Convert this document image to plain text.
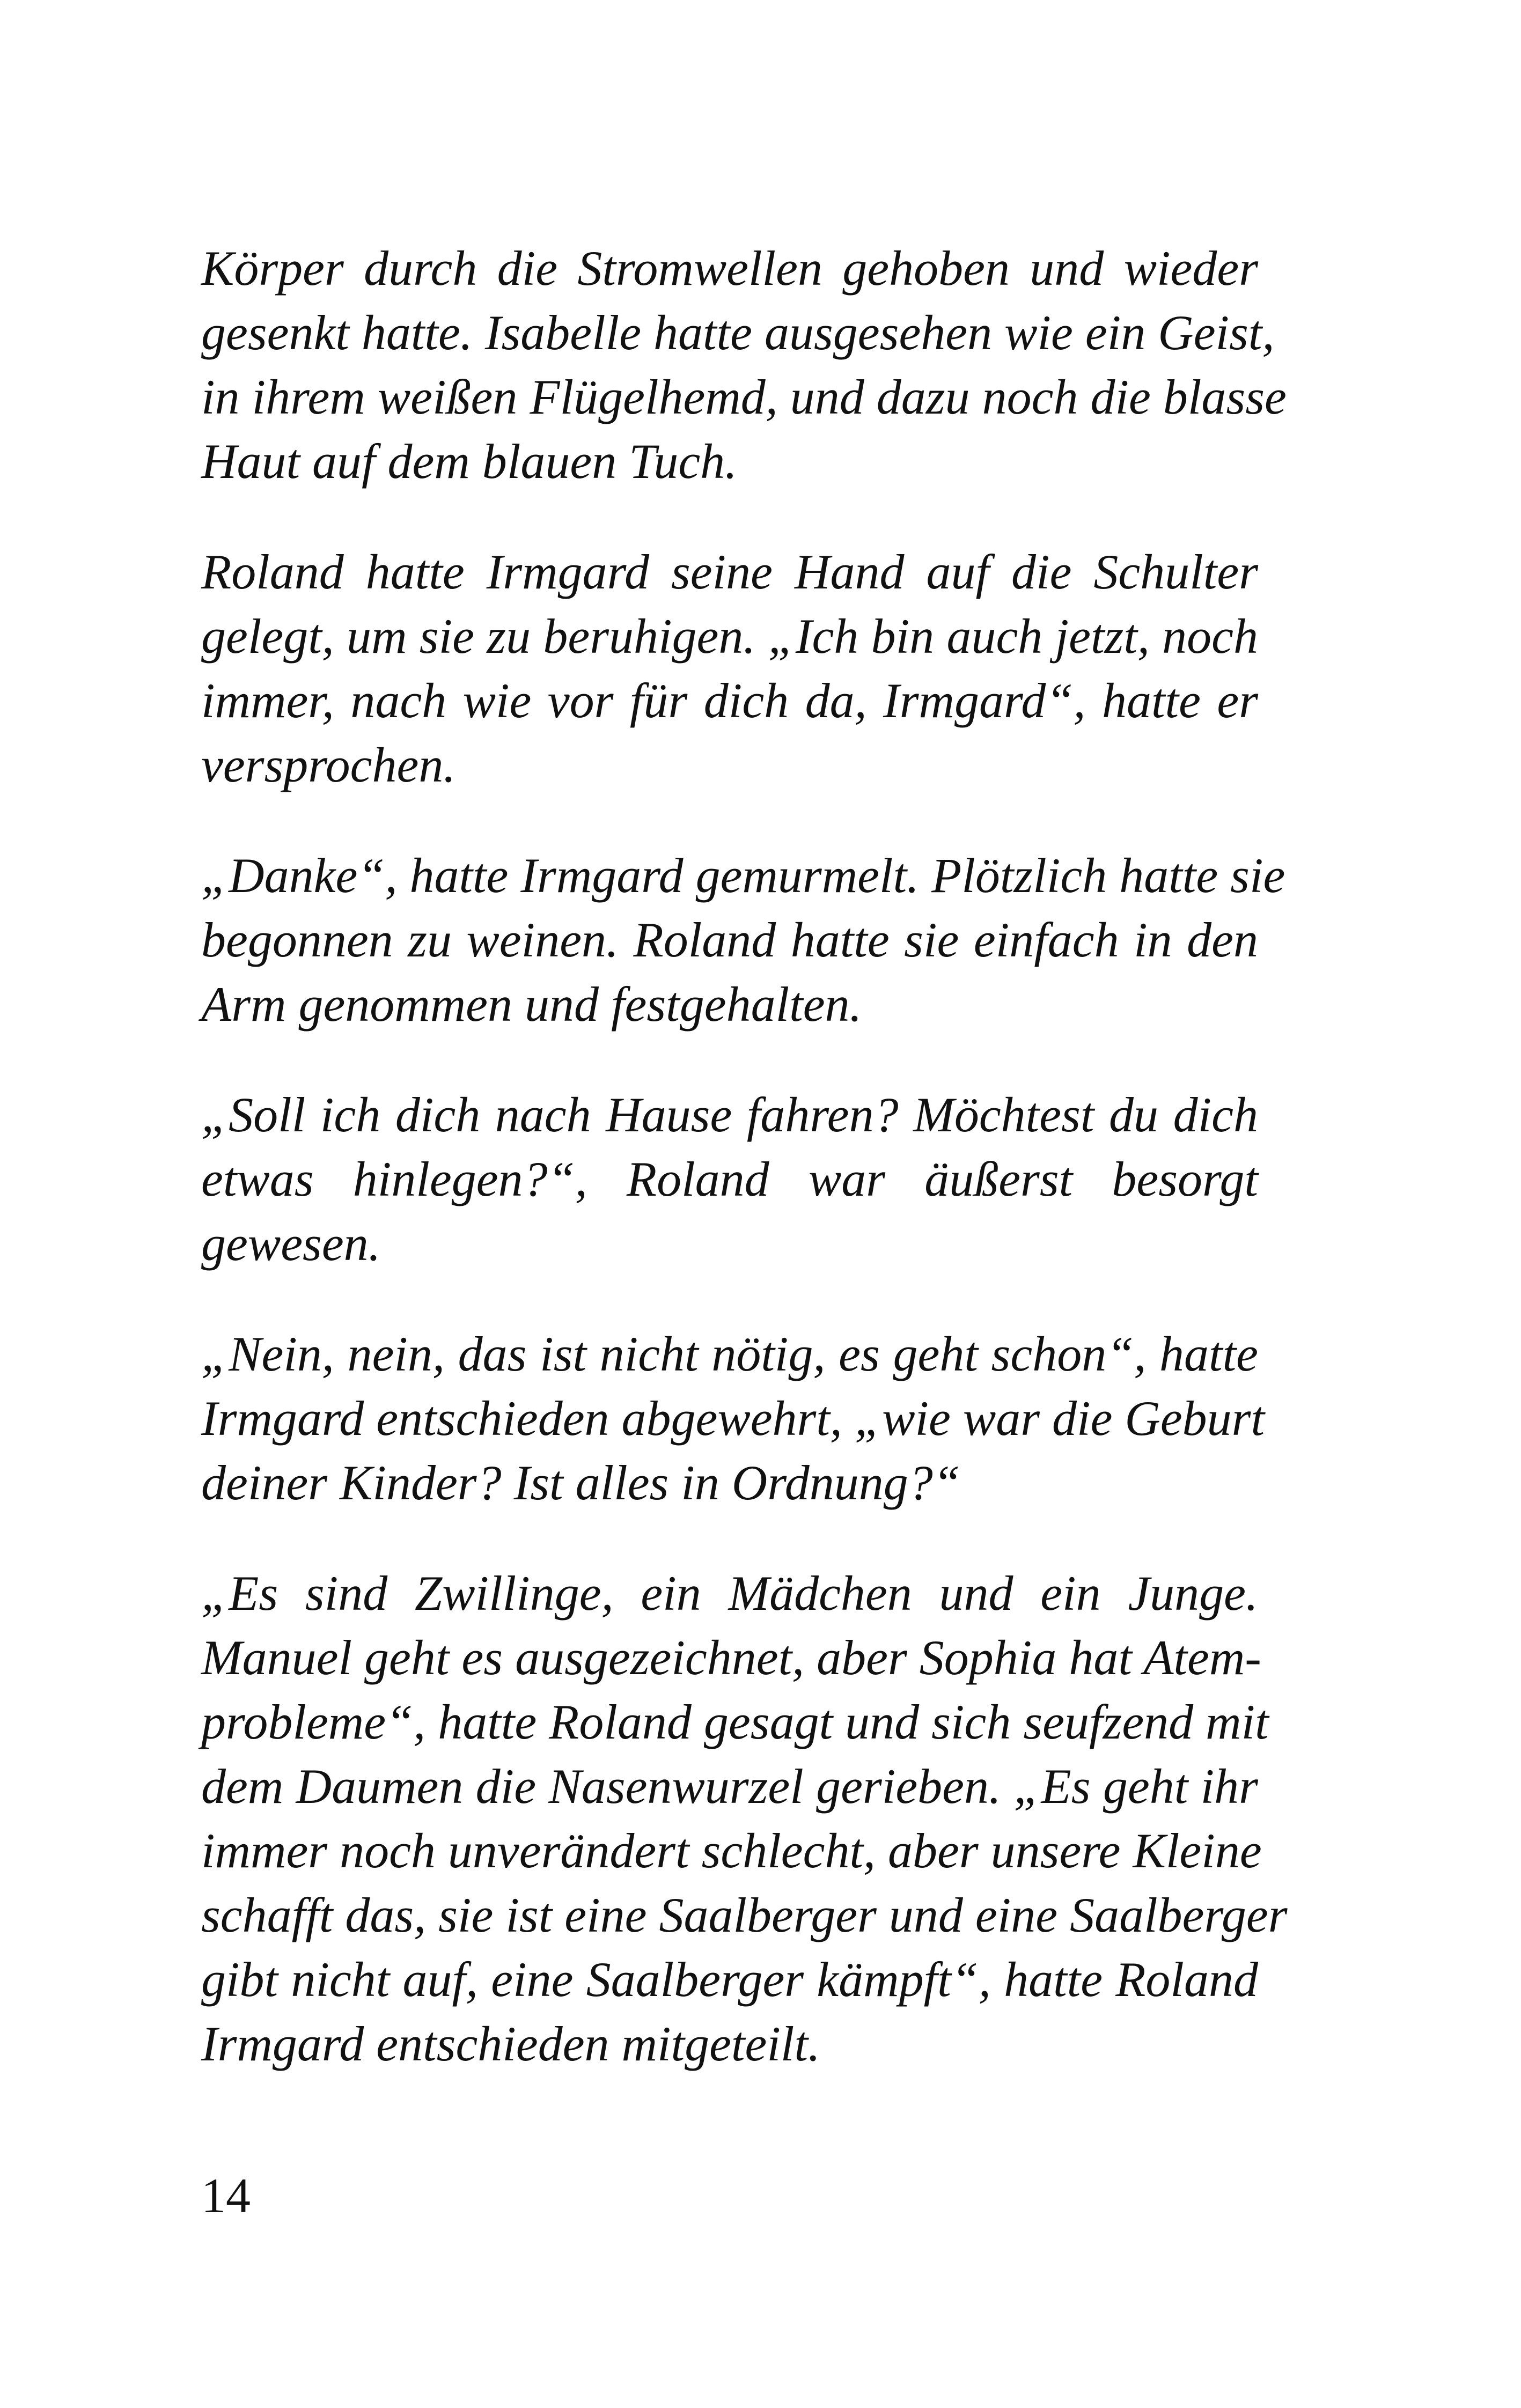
Körper durch die Stromwellen gehoben und wieder
gesenkt hatte. Isabelle hatte ausgesehen wie ein Geist,
in ihrem weißen Flügelhemd, und dazu noch die blasse
Haut auf dem blauen Tuch.

Roland hatte Irmgard seine Hand auf die Schulter
gelegt, um sie zu beruhigen. „Ich bin auch jetzt, noch
immer, nach wie vor für dich da, Irmgard“, hatte er
versprochen.

„Danke“, hatte Irmgard gemurmelt. Plötzlich hatte sie
begonnen zu weinen. Roland hatte sie einfach in den
Arm genommen und festgehalten.

„Soll ich dich nach Hause fahren? Möchtest du dich
etwas hinlegen?“, Roland war äußerst besorgt
gewesen.

„Nein, nein, das ist nicht nötig, es geht schon“, hatte
Irmgard entschieden abgewehrt, „wie war die Geburt
deiner Kinder? Ist alles in Ordnung?“

„Es sind Zwillinge, ein Mädchen und ein Junge.
Manuel geht es ausgezeichnet, aber Sophia hat Atem-
probleme“, hatte Roland gesagt und sich seufzend mit
dem Daumen die Nasenwurzel gerieben. „Es geht ihr
immer noch unverändert schlecht, aber unsere Kleine
schafft das, sie ist eine Saalberger und eine Saalberger
gibt nicht auf, eine Saalberger kämpft“, hatte Roland
Irmgard entschieden mitgeteilt.

14
